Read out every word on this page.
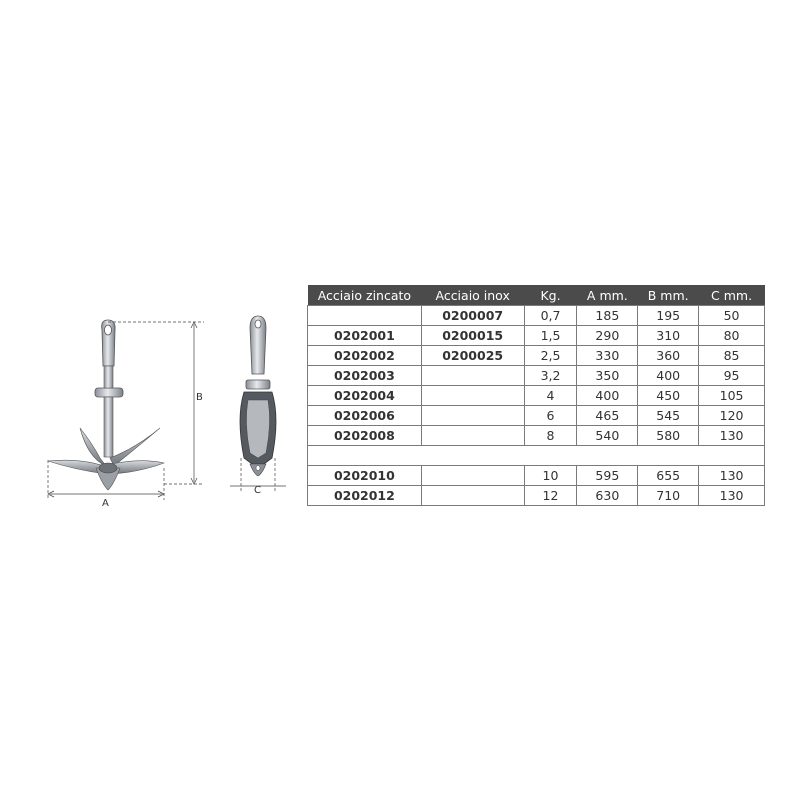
B
A
C
Acciaio zincato	Acciaio inox	Kg.	A mm.	B mm.	C mm.
	0200007	0,7	185	195	50
0202001	0200015	1,5	290	310	80
0202002	0200025	2,5	330	360	85
0202003		3,2	350	400	95
0202004		4	400	450	105
0202006		6	465	545	120
0202008		8	540	580	130

0202010		10	595	655	130
0202012		12	630	710	130
